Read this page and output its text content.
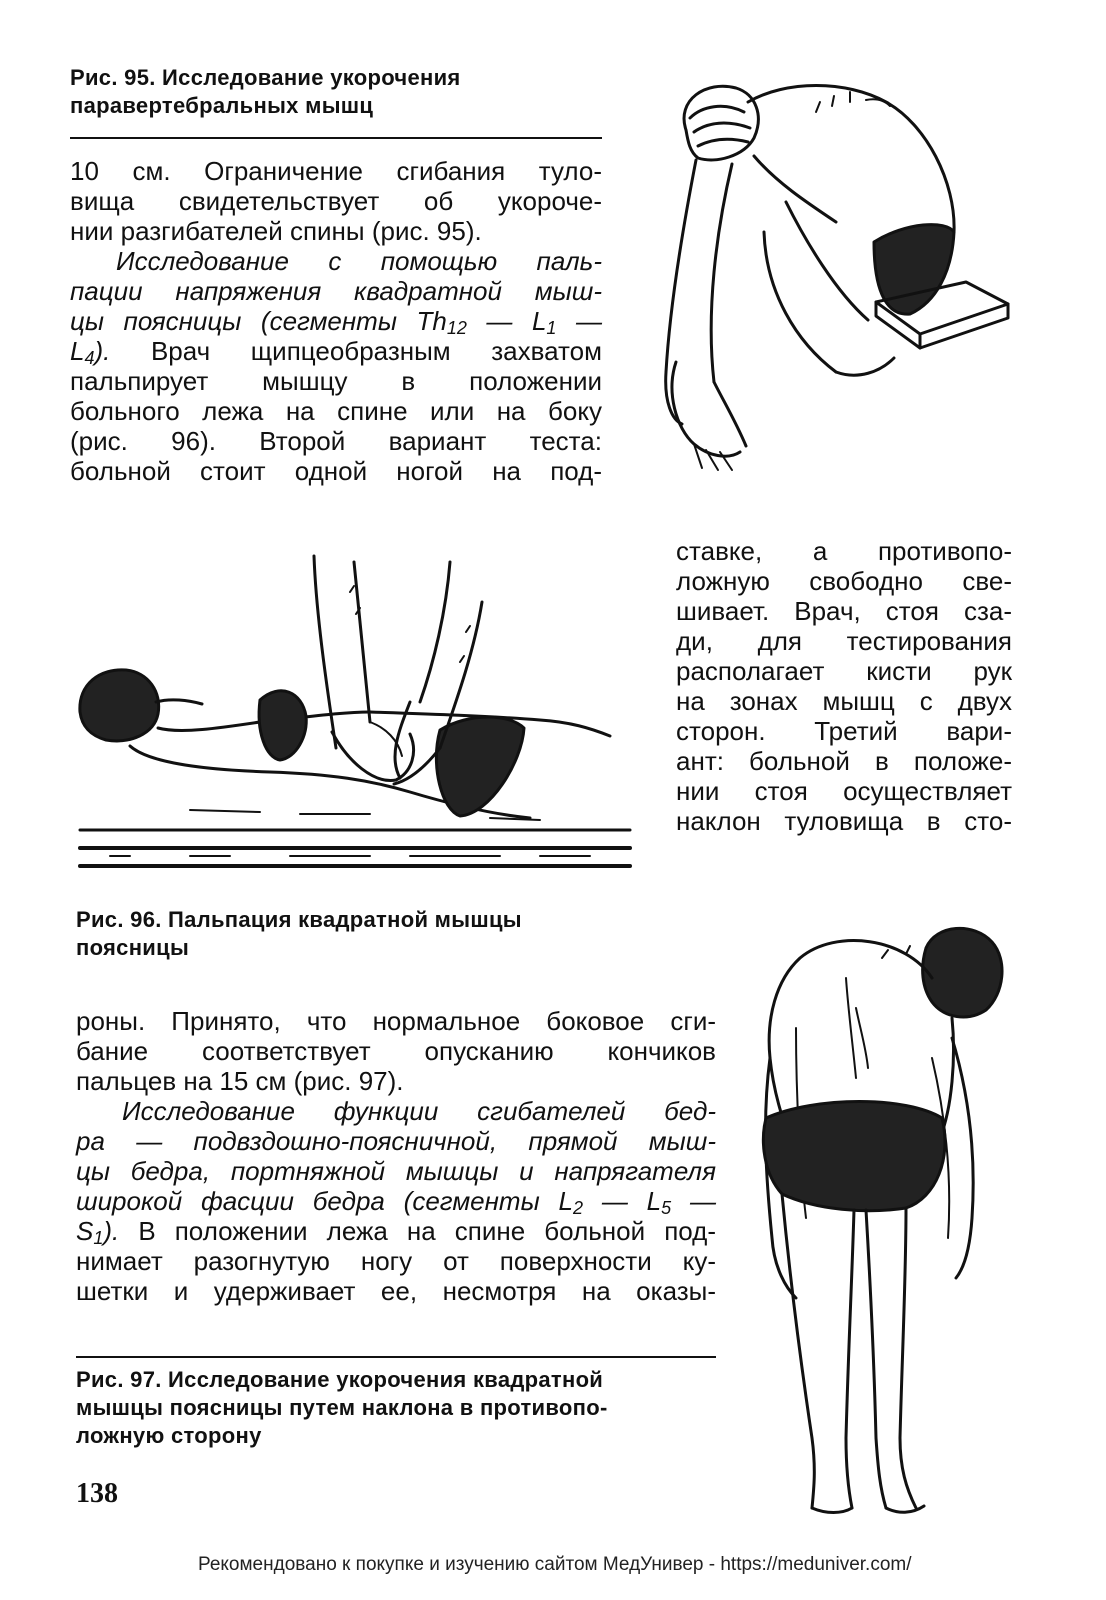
Рис. 95. Исследование укорочения
паравертебральных мышц

10 см. Ограничение сгибания туло-

вища свидетельствует об укороче-

нии разгибателей спины (рис. 95).

Исследование с помощью паль-

пации напряжения квадратной мыш-

цы поясницы (сегменты $Th_{12}$ — $L_1$ —

$L_4$). Врач щипцеобразным захватом

пальпирует мышцу в положении

больного лежа на спине или на боку

(рис. 96). Второй вариант теста:

больной стоит одной ногой на под-

ставке, а противопо-

ложную свободно све-

шивает. Врач, стоя сза-

ди, для тестирования

располагает кисти рук

на зонах мышц с двух

сторон. Третий вари-

ант: больной в положе-

нии стоя осуществляет

наклон туловища в сто-

Рис. 96. Пальпация квадратной мышцы
поясницы

роны. Принято, что нормальное боковое сги-

бание соответствует опусканию кончиков

пальцев на 15 см (рис. 97).

Исследование функции сгибателей бед-

ра — подвздошно-поясничной, прямой мыш-

цы бедра, портняжной мышцы и напрягателя

широкой фасции бедра (сегменты $L_2$ — $L_5$ —

$S_1$). В положении лежа на спине больной под-

нимает разогнутую ногу от поверхности ку-

шетки и удерживает ее, несмотря на оказы-

Рис. 97. Исследование укорочения квадратной
мышцы поясницы путем наклона в противопо-
ложную сторону
138
Рекомендовано к покупке и изучению сайтом МедУнивер - https://meduniver.com/
